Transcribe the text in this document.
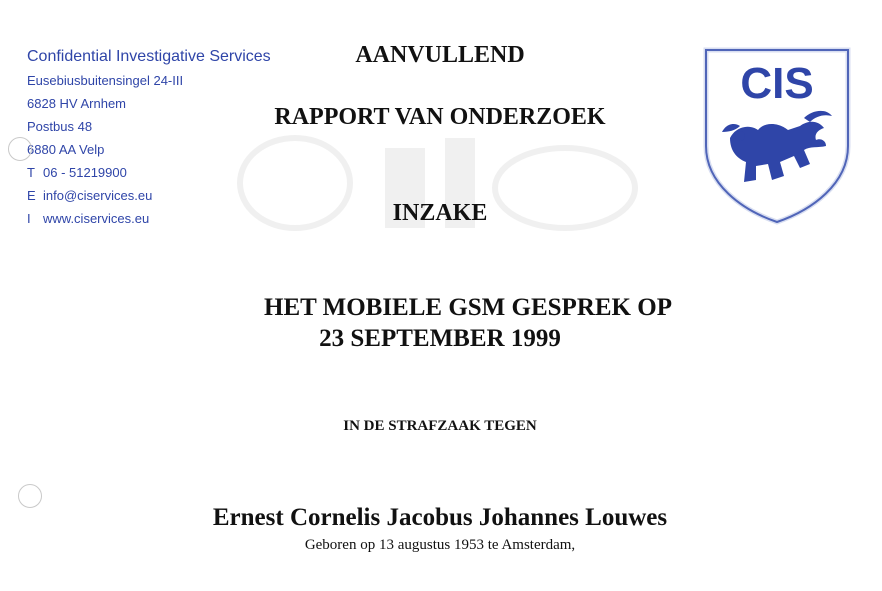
Confidential Investigative Services
Eusebiusbuitensingel 24-III
6828 HV Arnhem
Postbus 48
6880 AA Velp
T 06 - 51219900
E info@ciservices.eu
I www.ciservices.eu
AANVULLEND
RAPPORT VAN ONDERZOEK
INZAKE
HET MOBIELE GSM GESPREK OP
23 SEPTEMBER 1999
IN DE STRAFZAAK TEGEN
Ernest Cornelis Jacobus Johannes Louwes
Geboren op 13 augustus 1953 te Amsterdam,
CIS
